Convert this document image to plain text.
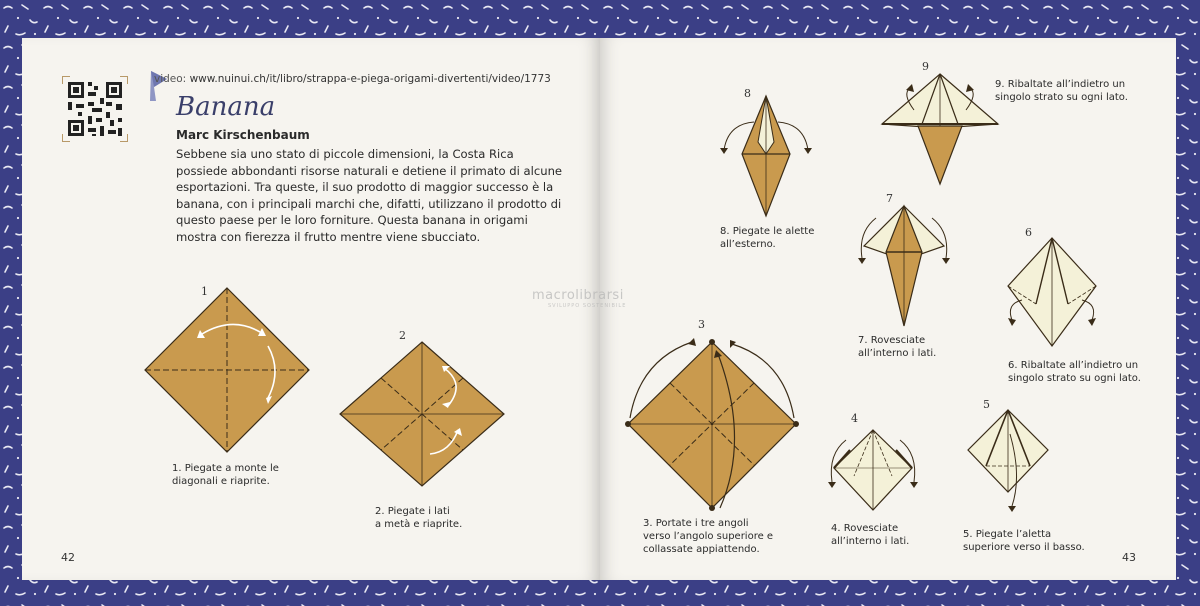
video: www.nuinui.ch/it/libro/strappa-e-piega-origami-divertenti/video/1773
Banana
Marc Kirschenbaum
Sebbene sia uno stato di piccole dimensioni, la Costa Rica possiede abbondanti risorse naturali e detiene il primato di alcune esportazioni. Tra queste, il suo prodotto di maggior successo è la banana, con i principali marchi che, difatti, utilizzano il prodotto di questo paese per le loro forniture. Questa banana in origami mostra con fierezza il frutto mentre viene sbucciato.
macrolibrarsi
SVILUPPO SOSTENIBILE
1
1. Piegate a monte le
diagonali e riaprite.
2
2. Piegate i lati
a metà e riaprite.
3
3. Portate i tre angoli
verso l’angolo superiore e
collassate appiattendo.
4
4. Rovesciate
all’interno i lati.
5
5. Piegate l’aletta
superiore verso il basso.
6
6. Ribaltate all’indietro un
singolo strato su ogni lato.
7
7. Rovesciate
all’interno i lati.
8
8. Piegate le alette
all’esterno.
9
9. Ribaltate all’indietro un
singolo strato su ogni lato.
42	43
